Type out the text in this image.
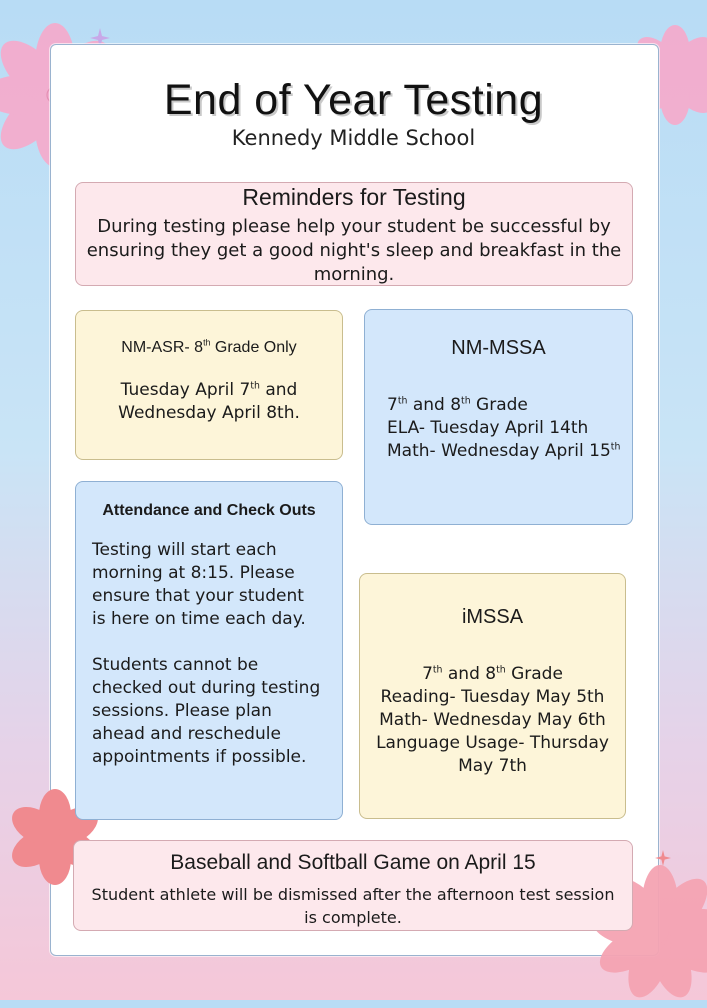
End of Year Testing
Kennedy Middle School
Reminders for Testing
During testing please help your student be successful by ensuring they get a good night's sleep and breakfast in the morning.
NM-ASR- 8th Grade Only
Tuesday April 7th and
Wednesday April 8th.
NM-MSSA
7th and 8th Grade
ELA- Tuesday April 14th
Math- Wednesday April 15th
Attendance and Check Outs
Testing will start each morning at 8:15. Please ensure that your student is here on time each day.
Students cannot be checked out during testing sessions. Please plan ahead and reschedule appointments if possible.
iMSSA
7th and 8th Grade
Reading- Tuesday May 5th
Math- Wednesday May 6th
Language Usage- Thursday May 7th
Baseball and Softball Game on April 15
Student athlete will be dismissed after the afternoon test session is complete.
